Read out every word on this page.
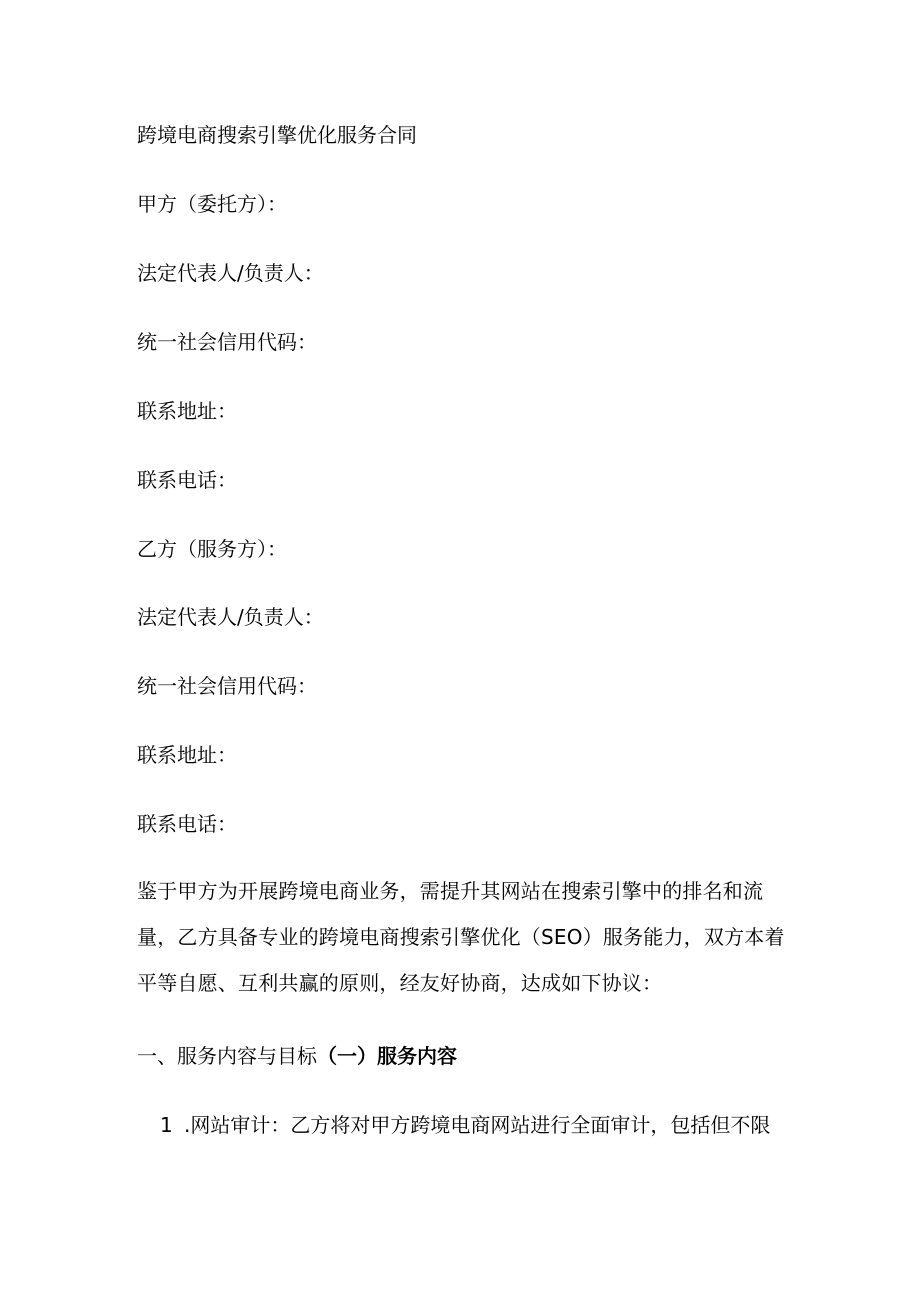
跨境电商搜索引擎优化服务合同
甲方（委托方）：
法定代表人/负责人：
统一社会信用代码：
联系地址：
联系电话：
乙方（服务方）：
法定代表人/负责人：
统一社会信用代码：
联系地址：
联系电话：
鉴于甲方为开展跨境电商业务，需提升其网站在搜索引擎中的排名和流量，乙方具备专业的跨境电商搜索引擎优化（SEO）服务能力，双方本着平等自愿、互利共赢的原则，经友好协商，达成如下协议：
一、服务内容与目标（一）服务内容
1 .网站审计：乙方将对甲方跨境电商网站进行全面审计，包括但不限
